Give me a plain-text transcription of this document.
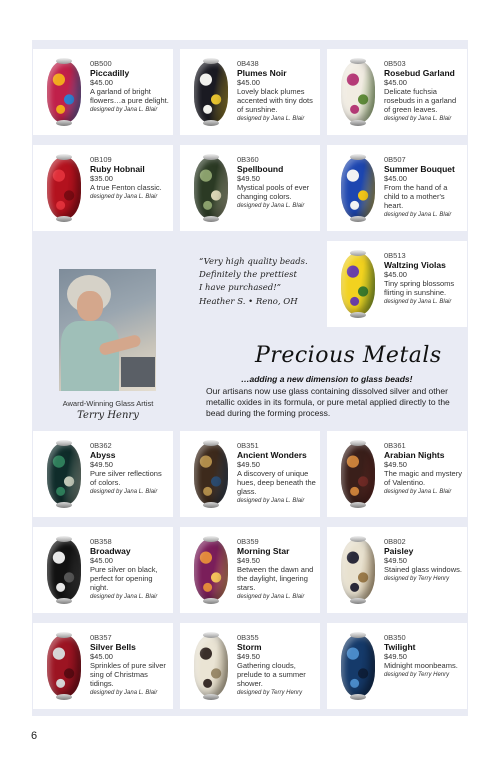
0B500
Piccadilly
$45.00
A garland of bright flowers…a pure delight.
designed by Jana L. Blair
0B438
Plumes Noir
$45.00
Lovely black plumes accented with tiny dots of sunshine.
designed by Jana L. Blair
0B503
Rosebud Garland
$45.00
Delicate fuchsia rosebuds in a garland of green leaves.
designed by Jana L. Blair
0B109
Ruby Hobnail
$35.00
A true Fenton classic.
designed by Jana L. Blair
0B360
Spellbound
$49.50
Mystical pools of ever changing colors.
designed by Jana L. Blair
0B507
Summer Bouquet
$45.00
From the hand of a child to a mother's heart.
designed by Jana L. Blair
Award-Winning Glass Artist
Terry Henry
“Very high quality beads.
Definitely the prettiest
I have purchased!”
Heather S. • Reno, OH
0B513
Waltzing Violas
$45.00
Tiny spring blossoms flirting in sunshine.
designed by Jana L. Blair
Precious Metals
…adding a new dimension to glass beads!
Our artisans now use glass containing dissolved silver and other metallic oxides in its formula, or pure metal applied directly to the bead during the forming process.
0B362
Abyss
$49.50
Pure silver reflections of colors.
designed by Jana L. Blair
0B351
Ancient Wonders
$49.50
A discovery of unique hues, deep beneath the glass.
designed by Jana L. Blair
0B361
Arabian Nights
$49.50
The magic and mystery of Valentino.
designed by Jana L. Blair
0B358
Broadway
$45.00
Pure silver on black, perfect for opening night.
designed by Jana L. Blair
0B359
Morning Star
$49.50
Between the dawn and the daylight, lingering stars.
designed by Jana L. Blair
0B802
Paisley
$49.50
Stained glass windows.
designed by Terry Henry
0B357
Silver Bells
$45.00
Sprinkles of pure silver sing of Christmas tidings.
designed by Jana L. Blair
0B355
Storm
$49.50
Gathering clouds, prelude to a summer shower.
designed by Terry Henry
0B350
Twilight
$49.50
Midnight moonbeams.
designed by Terry Henry
6
